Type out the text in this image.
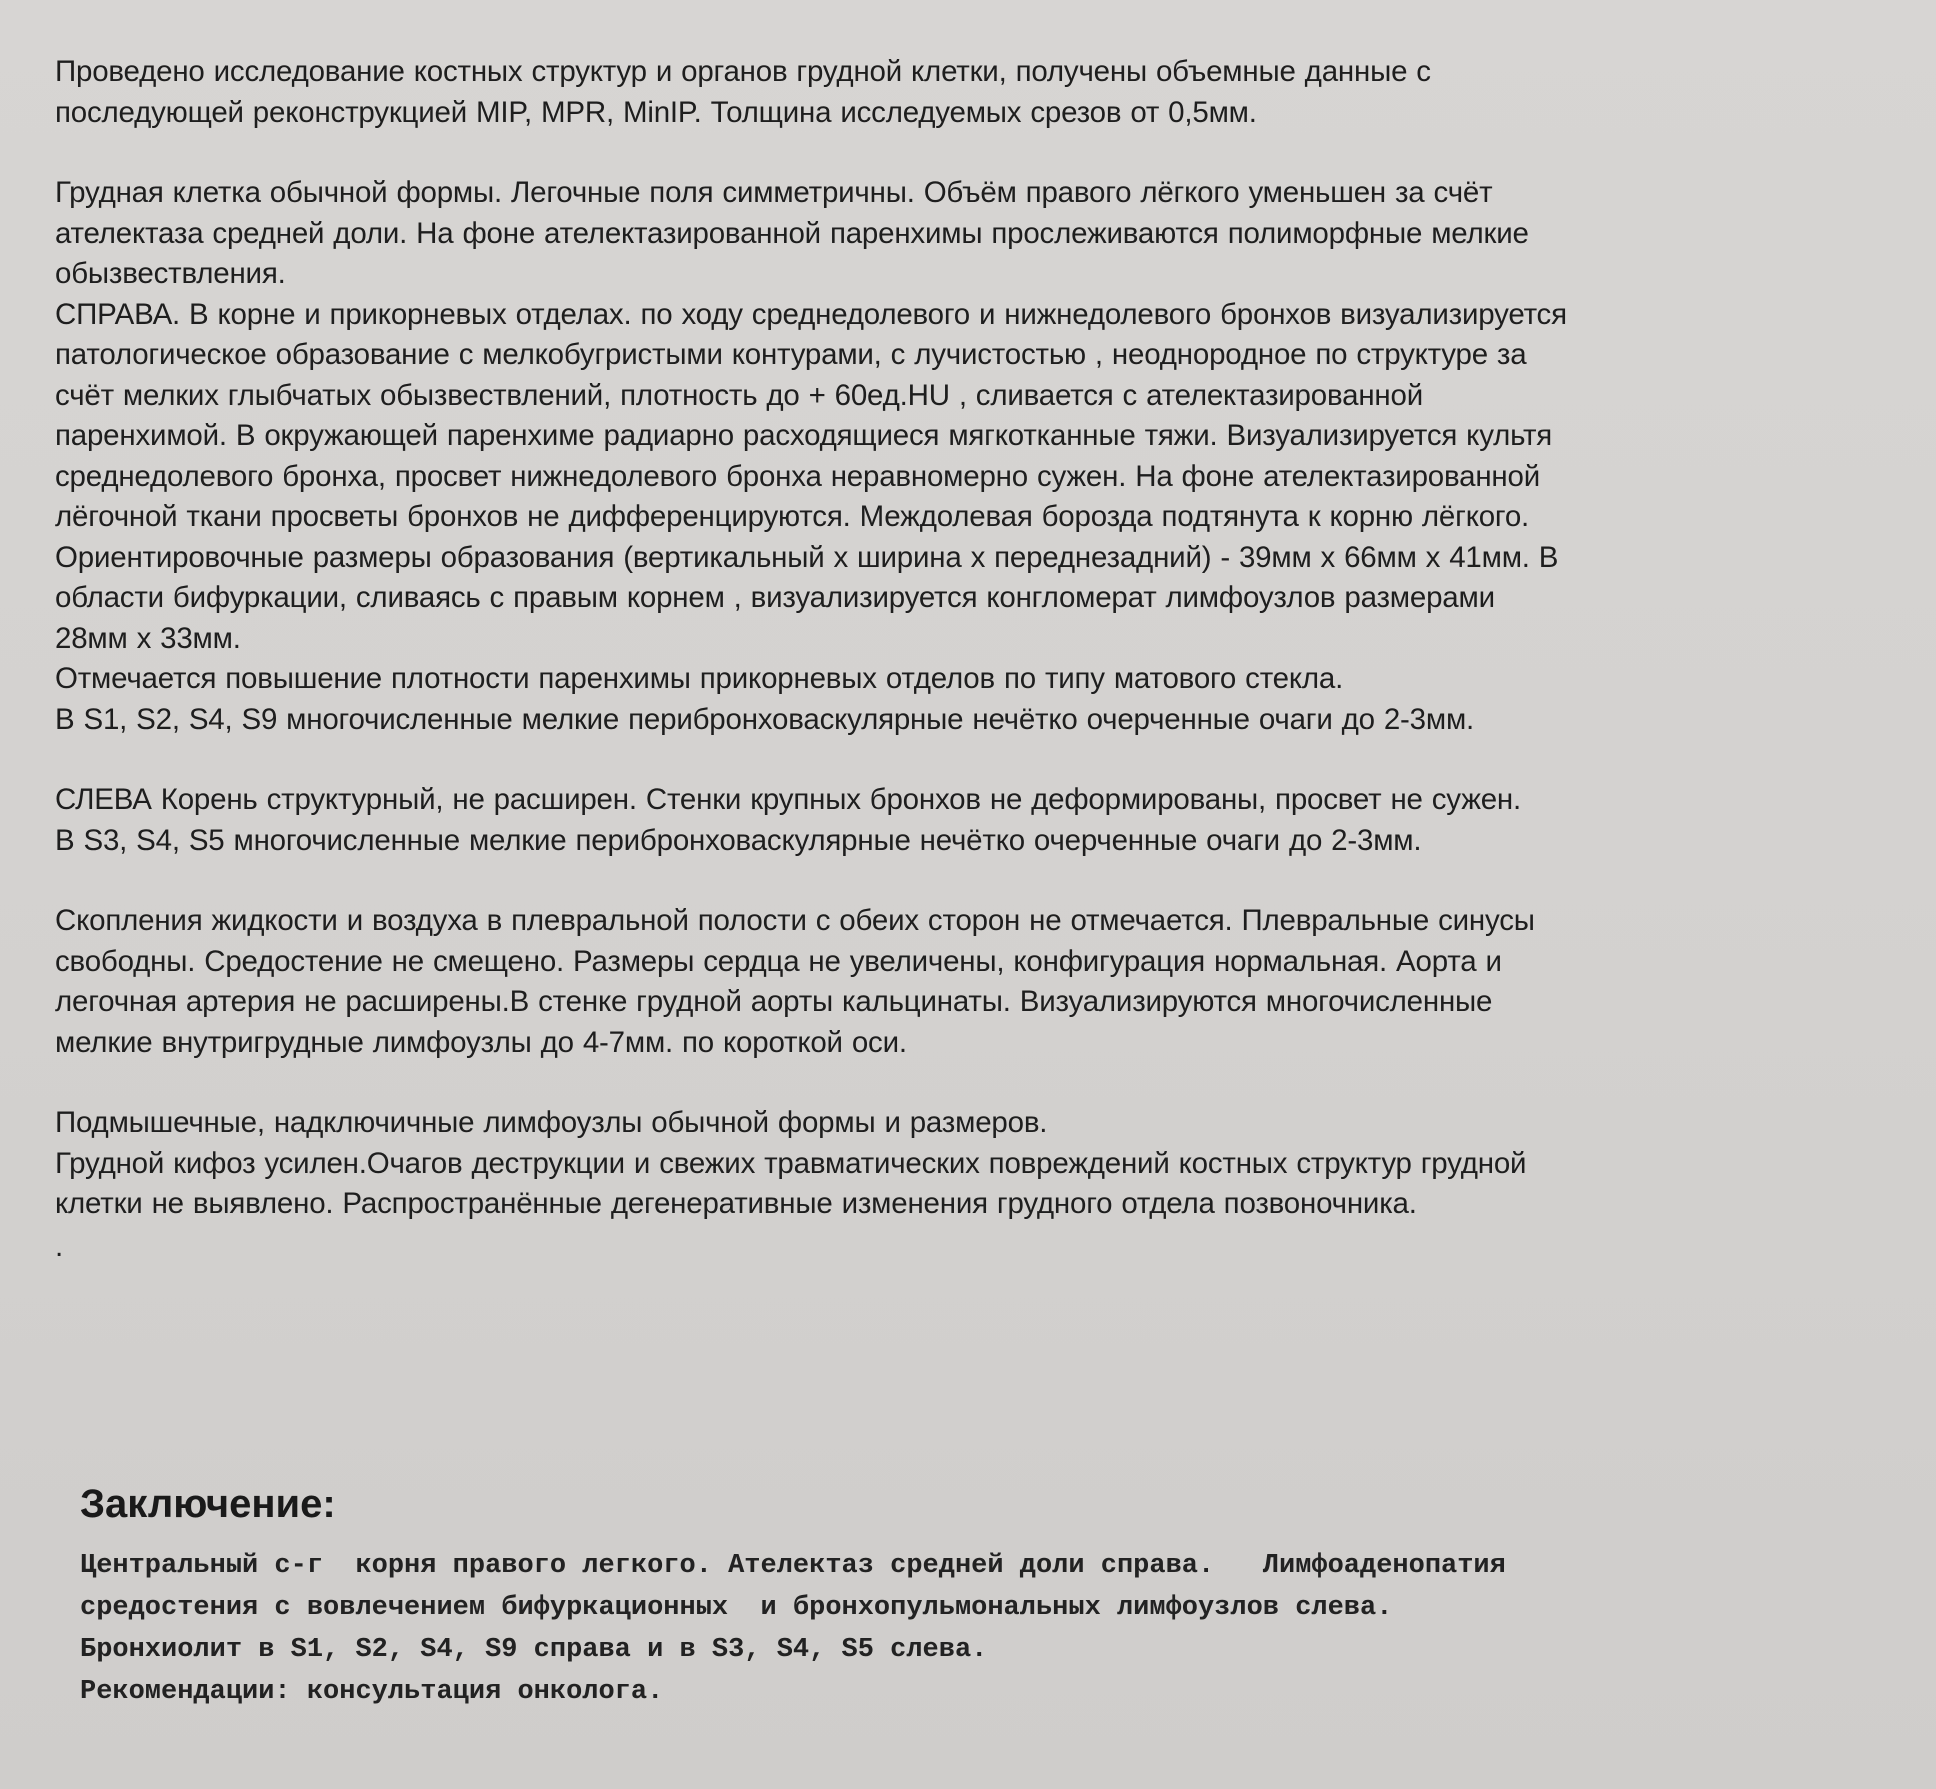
Проведено исследование костных структур и органов грудной клетки, получены объемные данные с
последующей реконструкцией MIP, MPR, MinIP. Толщина исследуемых срезов от 0,5мм.
Грудная клетка обычной формы. Легочные поля симметричны. Объём правого лёгкого уменьшен за счёт
ателектаза средней доли. На фоне ателектазированной паренхимы прослеживаются полиморфные мелкие
обызвествления.
СПРАВА. В корне и прикорневых отделах. по ходу среднедолевого и нижнедолевого бронхов визуализируется
патологическое образование с мелкобугристыми контурами, с лучистостью , неоднородное по структуре за
счёт мелких глыбчатых обызвествлений, плотность до + 60ед.HU , сливается с ателектазированной
паренхимой. В окружающей паренхиме радиарно расходящиеся мягкотканные тяжи. Визуализируется культя
среднедолевого бронха, просвет нижнедолевого бронха неравномерно сужен. На фоне ателектазированной
лёгочной ткани просветы бронхов не дифференцируются. Междолевая борозда подтянута к корню лёгкого.
Ориентировочные размеры образования (вертикальный х ширина х переднезадний) - 39мм х 66мм х 41мм. В
области бифуркации, сливаясь с правым корнем , визуализируется конгломерат лимфоузлов размерами
28мм х 33мм.
Отмечается повышение плотности паренхимы прикорневых отделов по типу матового стекла.
В S1, S2, S4, S9 многочисленные мелкие перибронховаскулярные нечётко очерченные очаги до 2-3мм.
СЛЕВА Корень структурный, не расширен. Стенки крупных бронхов не деформированы, просвет не сужен.
В S3, S4, S5 многочисленные мелкие перибронховаскулярные нечётко очерченные очаги до 2-3мм.
Скопления жидкости и воздуха в плевральной полости с обеих сторон не отмечается. Плевральные синусы
свободны. Средостение не смещено. Размеры сердца не увеличены, конфигурация нормальная. Аорта и
легочная артерия не расширены.В стенке грудной аорты кальцинаты. Визуализируются многочисленные
мелкие внутригрудные лимфоузлы до 4-7мм. по короткой оси.
Подмышечные, надключичные лимфоузлы обычной формы и размеров.
Грудной кифоз усилен.Очагов деструкции и свежих травматических повреждений костных структур грудной
клетки не выявлено. Распространённые дегенеративные изменения грудного отдела позвоночника.
.
Заключение:
Центральный с-г  корня правого легкого. Ателектаз средней доли справа.   Лимфоаденопатия
средостения с вовлечением бифуркационных  и бронхопульмональных лимфоузлов слева.
Бронхиолит в S1, S2, S4, S9 справа и в S3, S4, S5 слева.
Рекомендации: консультация онколога.
